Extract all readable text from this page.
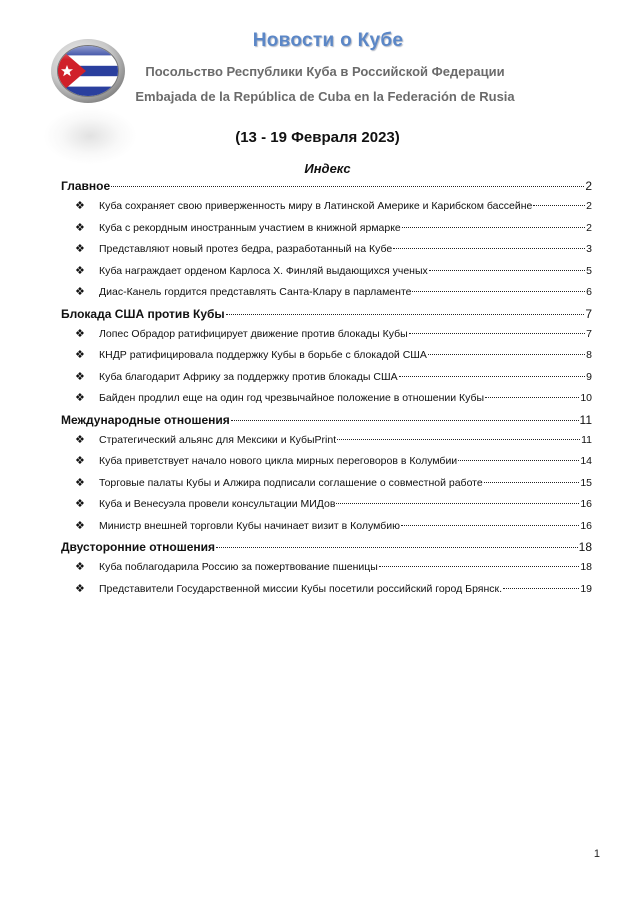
Новости о Кубе
Посольство Республики Куба в Российской Федерации
Embajada de la República de Cuba en la Federación de Rusia
(13 - 19 Февраля 2023)
Индекс
Главное	2
❖	Куба сохраняет свою приверженность миру в Латинской Америке и Карибском бассейне	2
❖	Куба с рекордным иностранным участием в книжной ярмарке	2
❖	Представляют новый протез бедра, разработанный на Кубе	3
❖	Куба награждает орденом Карлоса Х. Финляй выдающихся ученых	5
❖	Диас-Канель гордится представлять Санта-Клару в парламенте	6
Блокада США против Кубы	7
❖	Лопес Обрадор ратифицирует движение против блокады Кубы	7
❖	КНДР ратифицировала поддержку Кубы в борьбе с блокадой США	8
❖	Куба благодарит Африку за поддержку против блокады США	9
❖	Байден продлил еще на один год чрезвычайное положение в отношении Кубы	10
Международные отношения	11
❖	Стратегический альянс для Мексики и КубыPrint	11
❖	Куба приветствует начало нового цикла мирных переговоров в Колумбии	14
❖	Торговые палаты Кубы и Алжира подписали соглашение о совместной работе	15
❖	Куба и Венесуэла провели консультации МИДов	16
❖	Министр внешней торговли Кубы начинает визит в Колумбию	16
Двусторонние отношения	18
❖	Куба поблагодарила Россию за пожертвование пшеницы	18
❖	Представители Государственной миссии Кубы посетили российский город Брянск.	19
1
